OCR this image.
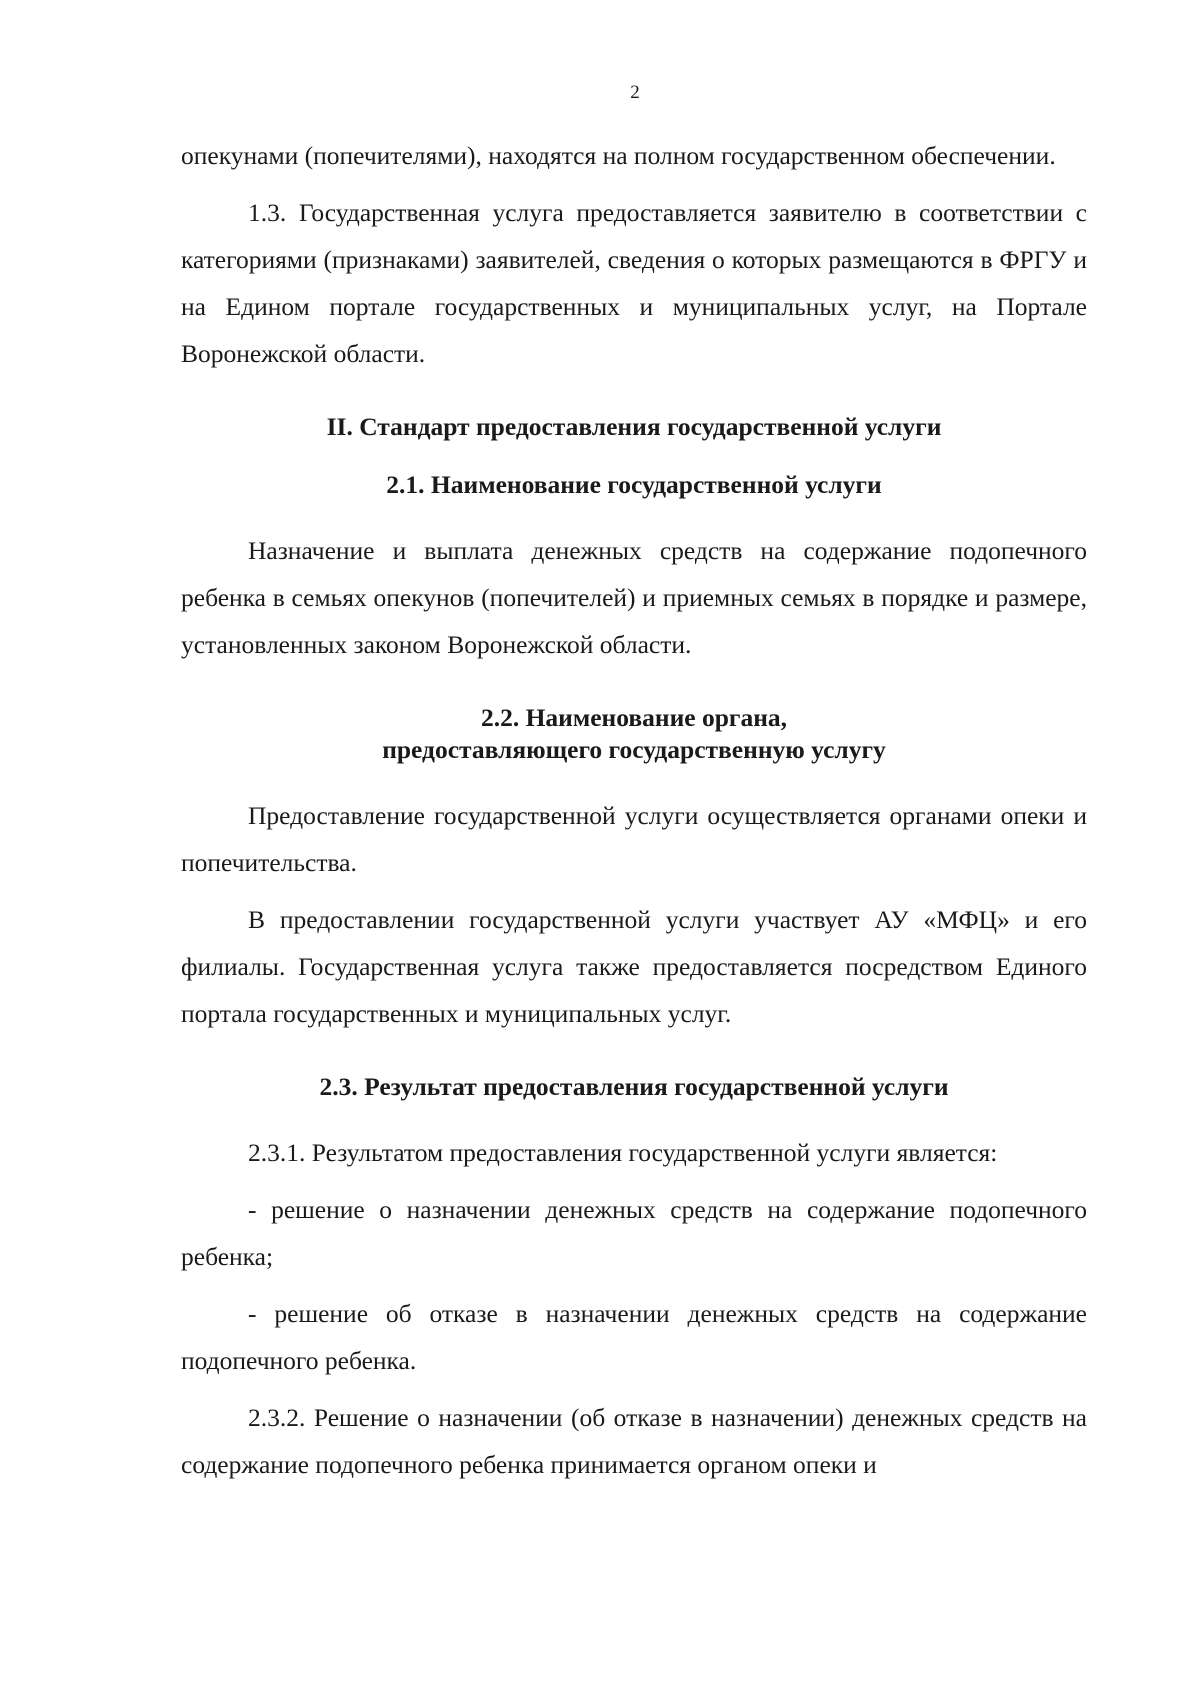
2

опекунами (попечителями), находятся на полном государственном обеспечении.

1.3. Государственная услуга предоставляется заявителю в соответствии с категориями (признаками) заявителей, сведения о которых размещаются в ФРГУ и на Едином портале государственных и муниципальных услуг, на Портале Воронежской области.

II. Стандарт предоставления государственной услуги
2.1. Наименование государственной услуги

Назначение и выплата денежных средств на содержание подопечного ребенка в семьях опекунов (попечителей) и приемных семьях в порядке и размере, установленных законом Воронежской области.

2.2. Наименование органа,
предоставляющего государственную услугу

Предоставление государственной услуги осуществляется органами опеки и попечительства.

В предоставлении государственной услуги участвует АУ «МФЦ» и его филиалы. Государственная услуга также предоставляется посредством Единого портала государственных и муниципальных услуг.

2.3. Результат предоставления государственной услуги

2.3.1. Результатом предоставления государственной услуги является:

- решение о назначении денежных средств на содержание подопечного ребенка;

- решение об отказе в назначении денежных средств на содержание подопечного ребенка.

2.3.2. Решение о назначении (об отказе в назначении) денежных средств на содержание подопечного ребенка принимается органом опеки и
